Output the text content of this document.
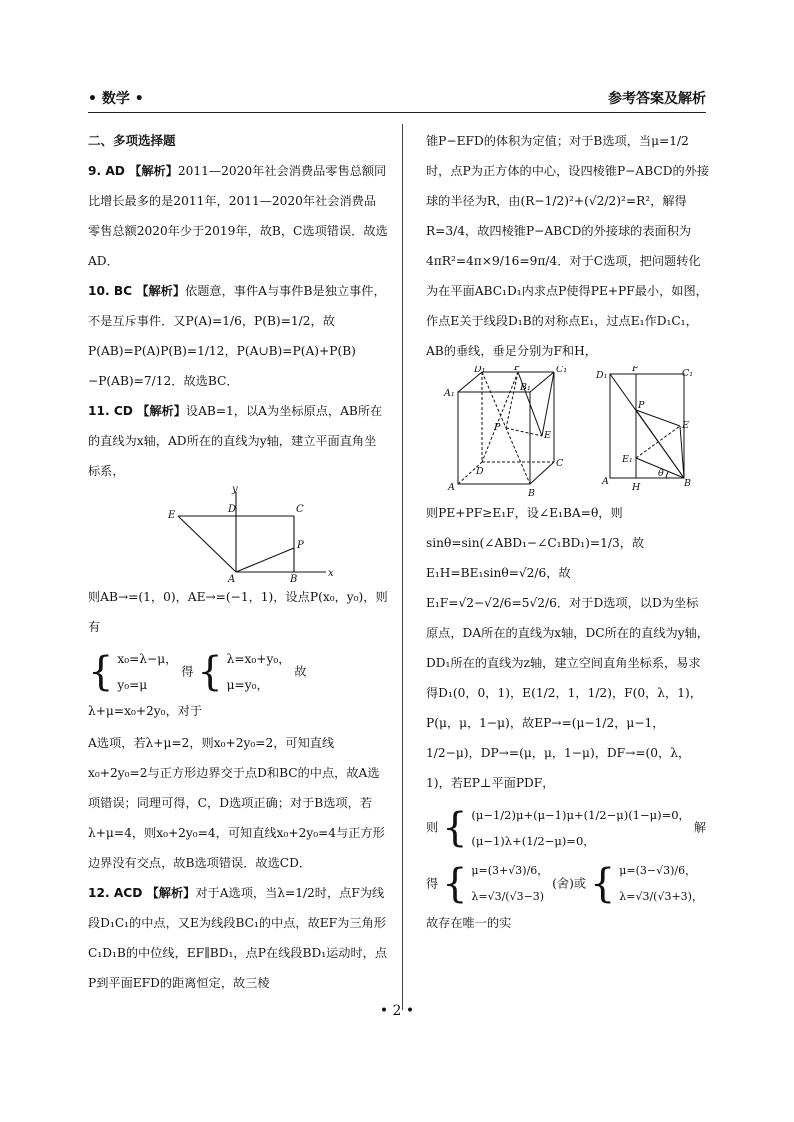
• 数学 •	参考答案及解析

二、多项选择题

9. AD 【解析】2011—2020年社会消费品零售总额同比增长最多的是2011年，2011—2020年社会消费品零售总额2020年少于2019年，故B，C选项错误．故选AD．

10. BC 【解析】依题意，事件A与事件B是独立事件，不是互斥事件．又P(A)=1/6，P(B)=1/2，故P(AB)=P(A)P(B)=1/12，P(A∪B)=P(A)+P(B)−P(AB)=7/12．故选BC．

11. CD 【解析】设AB=1，以A为坐标原点，AB所在的直线为x轴，AD所在的直线为y轴，建立平面直角坐标系，

E
D	C
P
A	B
x
y

则AB→=(1，0)，AE→=(−1，1)，设点P(x₀，y₀)，则有

{ x₀=λ−μ，
y₀=μ 得 { λ=x₀+y₀，
μ=y₀， 故λ+μ=x₀+2y₀，对于

A选项，若λ+μ=2，则x₀+2y₀=2，可知直线x₀+2y₀=2与正方形边界交于点D和BC的中点，故A选项错误；同理可得，C，D选项正确；对于B选项，若λ+μ=4，则x₀+2y₀=4，可知直线x₀+2y₀=4与正方形边界没有交点，故B选项错误．故选CD．

12. ACD 【解析】对于A选项，当λ=1/2时，点F为线段D₁C₁的中点，又E为线段BC₁的中点，故EF为三角形C₁D₁B的中位线，EF∥BD₁，点P在线段BD₁运动时，点P到平面EFD的距离恒定，故三棱

锥P−EFD的体积为定值；对于B选项，当μ=1/2时，点P为正方体的中心，设四棱锥P−ABCD的外接球的半径为R，由(R−1/2)²+(√2/2)²=R²，解得R=3/4，故四棱锥P−ABCD的外接球的表面积为4πR²=4π×9/16=9π/4．对于C选项，把问题转化为在平面ABC₁D₁内求点P使得PE+PF最小，如图，作点E关于线段D₁B的对称点E₁，过点E₁作D₁C₁，AB的垂线，垂足分别为F和H，

D₁	F	C₁
A₁
B₁
P
E
D
C
A
B
D₁
F	C₁
P
E
E₁
A
H	B
θ

则PE+PF≥E₁F，设∠E₁BA=θ，则sinθ=sin(∠ABD₁−∠C₁BD₁)=1/3，故E₁H=BE₁sinθ=√2/6，故E₁F=√2−√2/6=5√2/6．对于D选项，以D为坐标原点，DA所在的直线为x轴，DC所在的直线为y轴，DD₁所在的直线为z轴，建立空间直角坐标系，易求得D₁(0，0，1)，E(1/2，1，1/2)，F(0，λ，1)，P(μ，μ，1−μ)，故EP→=(μ−1/2，μ−1，1/2−μ)，DP→=(μ，μ，1−μ)，DF→=(0，λ，1)，若EP⊥平面PDF，

则 { (μ−1/2)μ+(μ−1)μ+(1/2−μ)(1−μ)=0，
(μ−1)λ+(1/2−μ)=0， 解
得 { μ=(3+√3)/6，
λ=√3/(√3−3) (舍)或 { μ=(3−√3)/6，
λ=√3/(√3+3)， 故存在唯一的实
• 2 •
